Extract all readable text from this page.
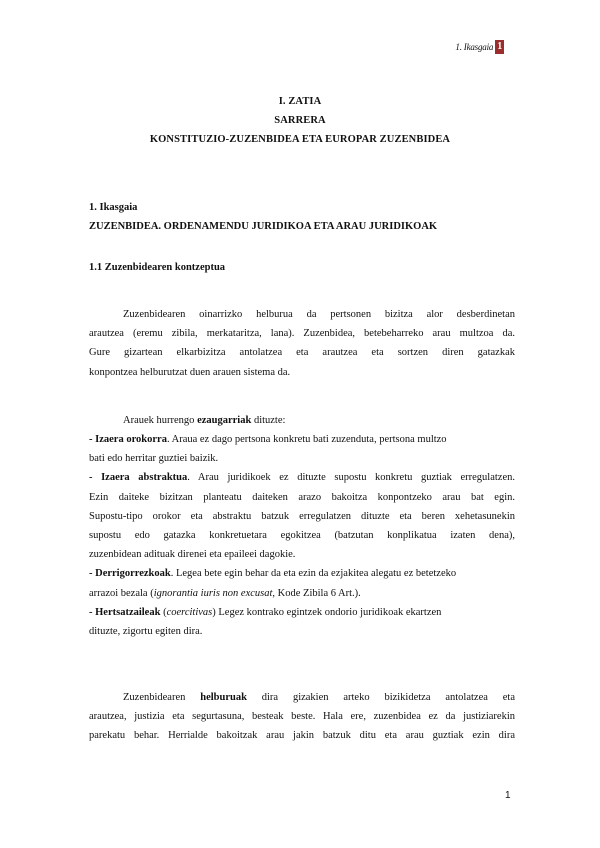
1. Ikasgaia 1
I. ZATIA
SARRERA
KONSTITUZIO-ZUZENBIDEA ETA EUROPAR ZUZENBIDEA
1. Ikasgaia
ZUZENBIDEA. ORDENAMENDU JURIDIKOA ETA ARAU JURIDIKOAK
1.1 Zuzenbidearen kontzeptua
Zuzenbidearen oinarrizko helburua da pertsonen bizitza alor desberdinetan
arautzea (eremu zibila, merkataritza, lana). Zuzenbidea, betebeharreko arau multzoa da.
Gure gizartean elkarbizitza antolatzea eta arautzea eta sortzen diren gatazkak
konpontzea helburutzat duen arauen sistema da.
Arauek hurrengo ezaugarriak dituzte:
- Izaera orokorra. Araua ez dago pertsona konkretu bati zuzenduta, pertsona multzo
bati edo herritar guztiei baizik.
- Izaera abstraktua. Arau juridikoek ez dituzte supostu konkretu guztiak erregulatzen.
Ezin daiteke bizitzan planteatu daiteken arazo bakoitza konpontzeko arau bat egin.
Supostu-tipo orokor eta abstraktu batzuk erregulatzen dituzte eta beren xehetasunekin
supostu edo gatazka konkretuetara egokitzea (batzutan konplikatua izaten dena),
zuzenbidean adituak direnei eta epaileei dagokie.
- Derrigorrezkoak. Legea bete egin behar da eta ezin da ezjakitea alegatu ez betetzeko
arrazoi bezala (ignorantia iuris non excusat, Kode Zibila 6 Art.).
- Hertsatzaileak (coercitivas) Legez kontrako egintzek ondorio juridikoak ekartzen
dituzte, zigortu egiten dira.
Zuzenbidearen helburuak dira gizakien arteko bizikidetza antolatzea eta
arautzea, justizia eta segurtasuna, besteak beste. Hala ere, zuzenbidea ez da justiziarekin
parekatu behar. Herrialde bakoitzak arau jakin batzuk ditu eta arau guztiak ezin dira
1
